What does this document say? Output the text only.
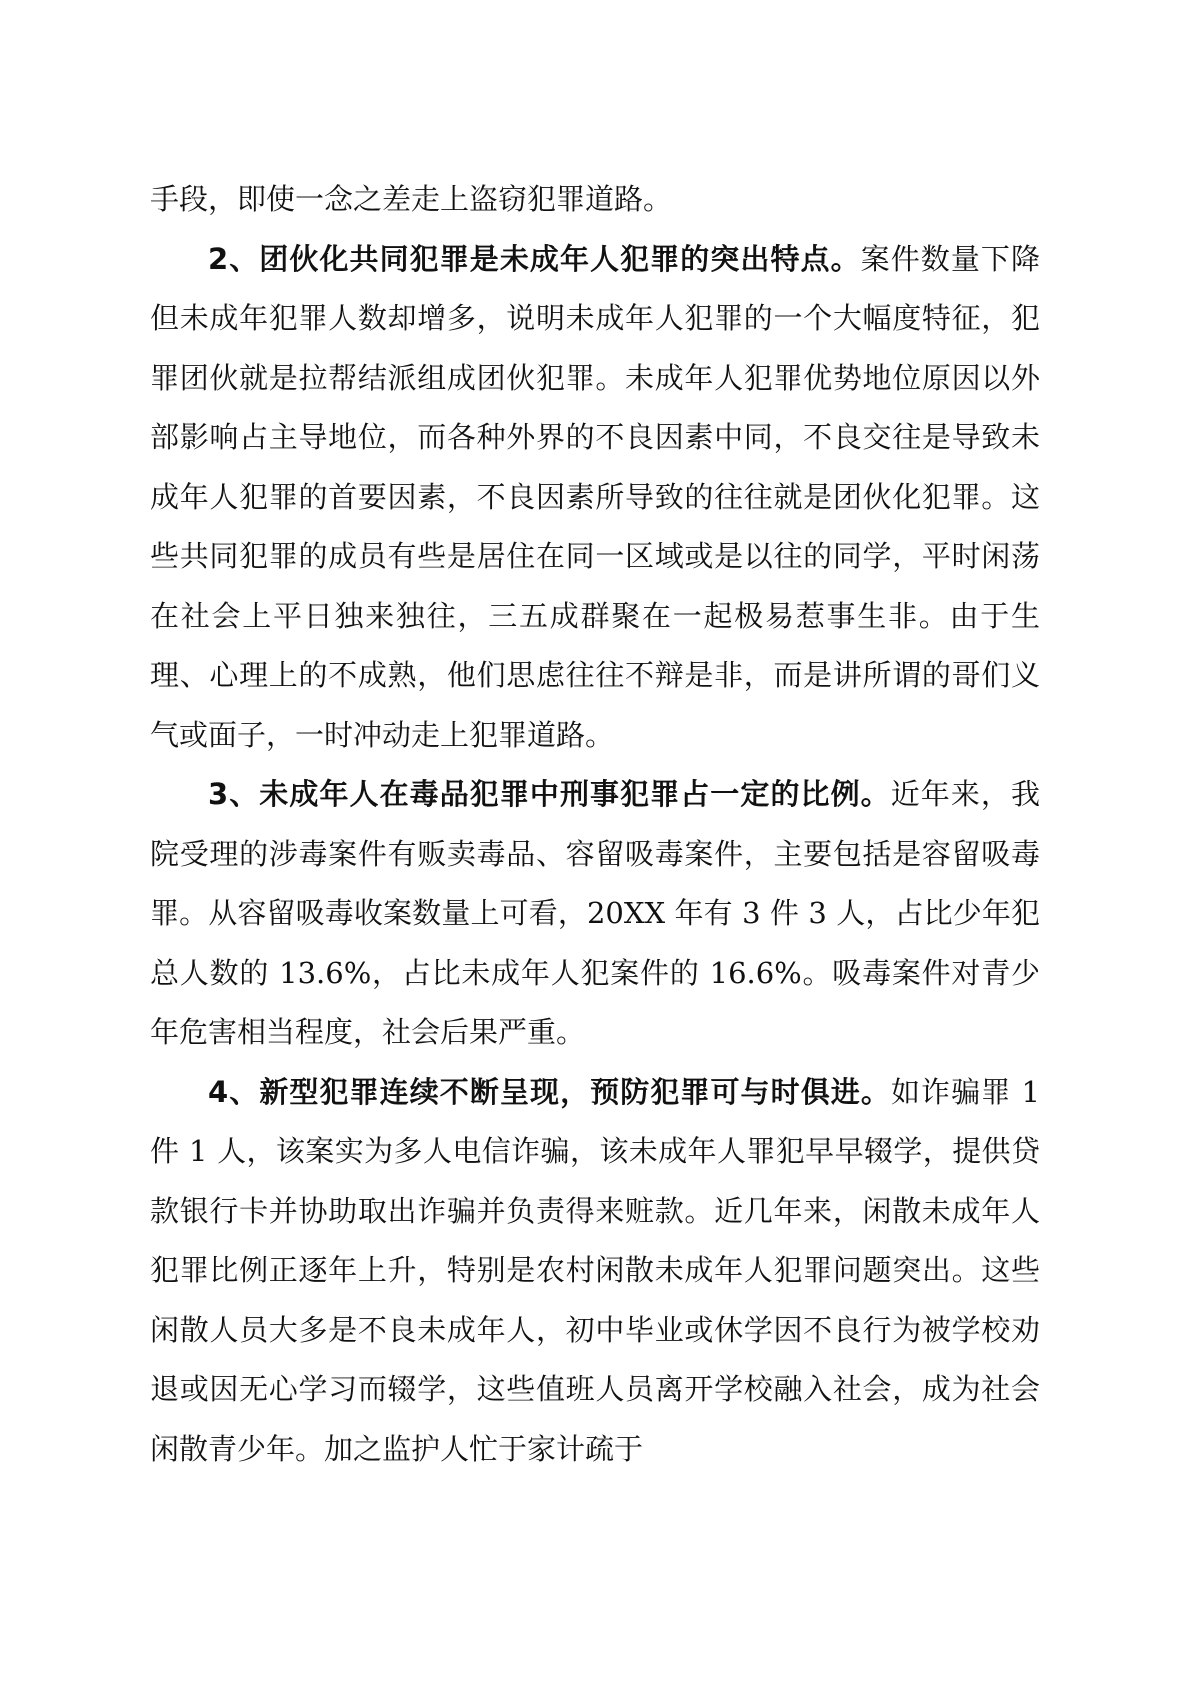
手段，即使一念之差走上盗窃犯罪道路。

2、团伙化共同犯罪是未成年人犯罪的突出特点。案件数量下降但未成年犯罪人数却增多，说明未成年人犯罪的一个大幅度特征，犯罪团伙就是拉帮结派组成团伙犯罪。未成年人犯罪优势地位原因以外部影响占主导地位，而各种外界的不良因素中同，不良交往是导致未成年人犯罪的首要因素，不良因素所导致的往往就是团伙化犯罪。这些共同犯罪的成员有些是居住在同一区域或是以往的同学，平时闲荡在社会上平日独来独往，三五成群聚在一起极易惹事生非。由于生理、心理上的不成熟，他们思虑往往不辩是非，而是讲所谓的哥们义气或面子，一时冲动走上犯罪道路。

3、未成年人在毒品犯罪中刑事犯罪占一定的比例。近年来，我院受理的涉毒案件有贩卖毒品、容留吸毒案件，主要包括是容留吸毒罪。从容留吸毒收案数量上可看，20XX 年有 3 件 3 人，占比少年犯总人数的 13.6%，占比未成年人犯案件的 16.6%。吸毒案件对青少年危害相当程度，社会后果严重。

4、新型犯罪连续不断呈现，预防犯罪可与时俱进。如诈骗罪 1 件 1 人，该案实为多人电信诈骗，该未成年人罪犯早早辍学，提供贷款银行卡并协助取出诈骗并负责得来赃款。近几年来，闲散未成年人犯罪比例正逐年上升，特别是农村闲散未成年人犯罪问题突出。这些闲散人员大多是不良未成年人，初中毕业或休学因不良行为被学校劝退或因无心学习而辍学，这些值班人员离开学校融入社会，成为社会闲散青少年。加之监护人忙于家计疏于
